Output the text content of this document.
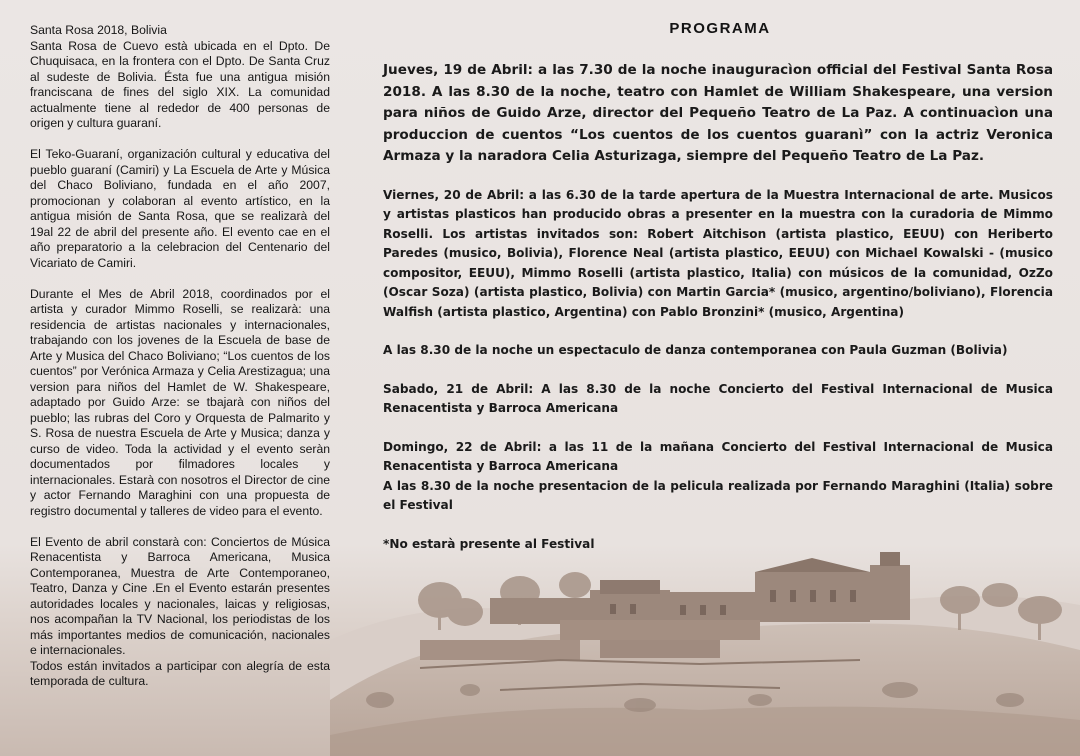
PROGRAMA

Santa Rosa 2018, Bolivia

Santa Rosa de Cuevo està ubicada en el Dpto. De Chuquisaca, en la frontera con el Dpto. De Santa Cruz al sudeste de Bolivia. Ésta fue una antigua misión franciscana de fines del siglo XIX. La comunidad actualmente tiene al rededor de 400 personas de origen y cultura guaraní.

El Teko-Guaraní, organización cultural y educativa del pueblo guaraní (Camiri) y La Escuela de Arte y Música del Chaco Boliviano, fundada en el año 2007, promocionan y colaboran al evento artístico, en la antigua misión de Santa Rosa, que se realizarà del 19al 22 de abril del presente año. El evento cae en el año preparatorio a la celebracion del Centenario del Vicariato de Camiri.

Durante el Mes de Abril 2018, coordinados por el artista y curador Mimmo Roselli, se realizarà: una residencia de artistas nacionales y internacionales, trabajando con los jovenes de la Escuela de base de Arte y Musica del Chaco Boliviano; “Los cuentos de los cuentos” por Verónica Armaza y Celia Arestizagua; una version para niños del Hamlet de W. Shakespeare, adaptado por Guido Arze: se tbajarà con niños del pueblo; las rubras del Coro y Orquesta de Palmarito y S. Rosa de nuestra Escuela de Arte y Musica; danza y curso de video. Toda la actividad y el evento seràn documentados por filmadores locales y internacionales. Estarà con nosotros el Director de cine y actor Fernando Maraghini con una propuesta de registro documental y talleres de video para el evento.

El Evento de abril constarà con: Conciertos de Música Renacentista y Barroca Americana, Musica Contemporanea, Muestra de Arte Contemporaneo, Teatro, Danza y Cine .En el Evento estarán presentes autoridades locales y nacionales, laicas y religiosas, nos acompañan la TV Nacional, los periodistas de los más importantes medios de comunicación, nacionales e internacionales.

Todos están invitados a participar con alegría de esta temporada de cultura.

Jueves, 19 de Abril: a las 7.30 de la noche inauguracìon official del Festival Santa Rosa 2018. A las 8.30 de la noche, teatro con Hamlet de William Shakespeare, una version para niños de Guido Arze, director del Pequeño Teatro de La Paz. A continuacìon una produccion de cuentos “Los cuentos de los cuentos guaranì” con la actriz Veronica Armaza y la naradora Celia Asturizaga, siempre del Pequeño Teatro de La Paz.

Viernes, 20 de Abril: a las 6.30 de la tarde apertura de la Muestra Internacional de arte. Musicos y artistas plasticos han producido obras a presenter en la muestra con la curadoria de Mimmo Roselli. Los artistas invitados son: Robert Aitchison (artista plastico, EEUU) con Heriberto Paredes (musico, Bolivia), Florence Neal (artista plastico, EEUU) con Michael Kowalski - (musico compositor, EEUU), Mimmo Roselli (artista plastico, Italia) con músicos de la comunidad, OzZo (Oscar Soza) (artista plastico, Bolivia) con Martin Garcia* (musico, argentino/boliviano), Florencia Walfish (artista plastico, Argentina) con Pablo Bronzini* (musico, Argentina)

A las 8.30 de la noche un espectaculo de danza contemporanea con Paula Guzman (Bolivia)

Sabado, 21 de Abril: A las 8.30 de la noche Concierto del Festival Internacional de Musica Renacentista y Barroca Americana

Domingo, 22 de Abril: a las 11 de la mañana Concierto del Festival Internacional de Musica Renacentista y Barroca Americana

A las 8.30 de la noche presentacion de la pelicula realizada por Fernando Maraghini (Italia) sobre el Festival

*No estarà presente al Festival
